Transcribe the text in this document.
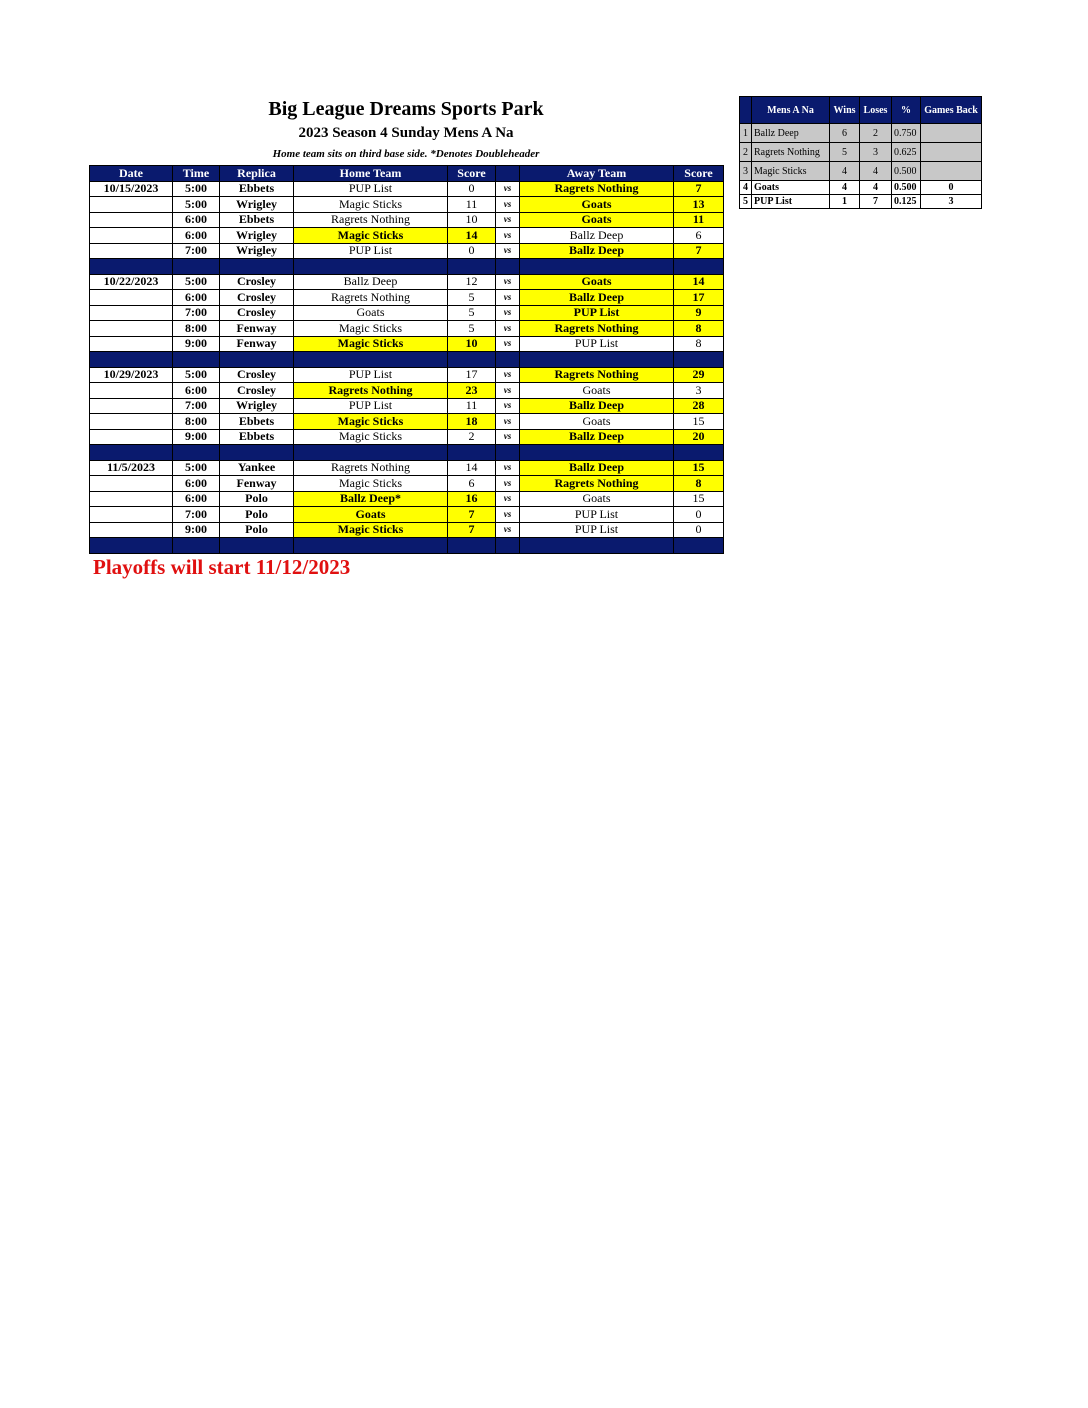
Big League Dreams Sports Park
2023 Season 4 Sunday Mens A Na
Home team sits on third base side. *Denotes Doubleheader
Date	Time	Replica	Home Team	Score		Away Team	Score
10/15/2023	5:00	Ebbets	PUP List	0	vs	Ragrets Nothing	7
	5:00	Wrigley	Magic Sticks	11	vs	Goats	13
	6:00	Ebbets	Ragrets Nothing	10	vs	Goats	11
	6:00	Wrigley	Magic Sticks	14	vs	Ballz Deep	6
	7:00	Wrigley	PUP List	0	vs	Ballz Deep	7

10/22/2023	5:00	Crosley	Ballz Deep	12	vs	Goats	14
	6:00	Crosley	Ragrets Nothing	5	vs	Ballz Deep	17
	7:00	Crosley	Goats	5	vs	PUP List	9
	8:00	Fenway	Magic Sticks	5	vs	Ragrets Nothing	8
	9:00	Fenway	Magic Sticks	10	vs	PUP List	8

10/29/2023	5:00	Crosley	PUP List	17	vs	Ragrets Nothing	29
	6:00	Crosley	Ragrets Nothing	23	vs	Goats	3
	7:00	Wrigley	PUP List	11	vs	Ballz Deep	28
	8:00	Ebbets	Magic Sticks	18	vs	Goats	15
	9:00	Ebbets	Magic Sticks	2	vs	Ballz Deep	20

11/5/2023	5:00	Yankee	Ragrets Nothing	14	vs	Ballz Deep	15
	6:00	Fenway	Magic Sticks	6	vs	Ragrets Nothing	8
	6:00	Polo	Ballz Deep*	16	vs	Goats	15
	7:00	Polo	Goats	7	vs	PUP List	0
	9:00	Polo	Magic Sticks	7	vs	PUP List	0

Playoffs will start 11/12/2023
	Mens A Na	Wins	Loses	%	Games Back
1	Ballz Deep	6	2	0.750	
2	Ragrets Nothing	5	3	0.625	
3	Magic Sticks	4	4	0.500	
4	Goats	4	4	0.500	0
5	PUP List	1	7	0.125	3
